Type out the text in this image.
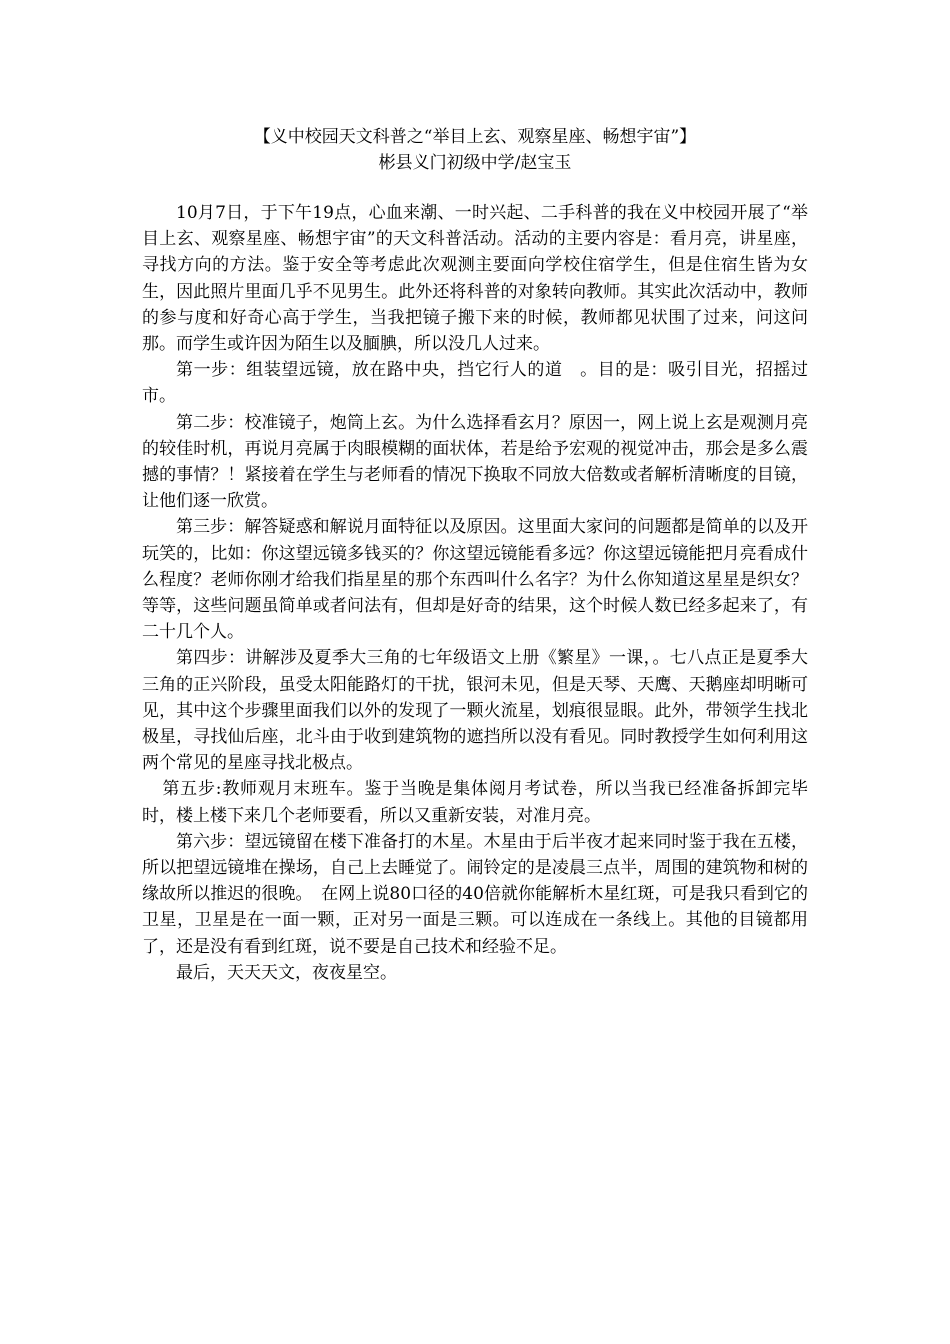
【义中校园天文科普之“举目上玄、观察星座、畅想宇宙”】
彬县义门初级中学/赵宝玉

10月7日，于下午19点，心血来潮、一时兴起、二手科普的我在义中校园开展了“举目上玄、观察星座、畅想宇宙”的天文科普活动。活动的主要内容是：看月亮，讲星座，寻找方向的方法。鉴于安全等考虑此次观测主要面向学校住宿学生，但是住宿生皆为女生，因此照片里面几乎不见男生。此外还将科普的对象转向教师。其实此次活动中，教师的参与度和好奇心高于学生，当我把镜子搬下来的时候，教师都见状围了过来，问这问那。而学生或许因为陌生以及腼腆，所以没几人过来。

第一步：组装望远镜，放在路中央，挡它行人的道　。目的是：吸引目光，招摇过市。

第二步：校准镜子，炮筒上玄。为什么选择看玄月？原因一，网上说上玄是观测月亮的较佳时机，再说月亮属于肉眼模糊的面状体，若是给予宏观的视觉冲击，那会是多么震撼的事情？！紧接着在学生与老师看的情况下换取不同放大倍数或者解析清晰度的目镜，让他们逐一欣赏。

第三步：解答疑惑和解说月面特征以及原因。这里面大家问的问题都是简单的以及开玩笑的，比如：你这望远镜多钱买的？你这望远镜能看多远？你这望远镜能把月亮看成什么程度？老师你刚才给我们指星星的那个东西叫什么名字？为什么你知道这星星是织女？等等，这些问题虽简单或者问法有，但却是好奇的结果，这个时候人数已经多起来了，有二十几个人。

第四步：讲解涉及夏季大三角的七年级语文上册《繁星》一课，。七八点正是夏季大三角的正兴阶段，虽受太阳能路灯的干扰，银河未见，但是天琴、天鹰、天鹅座却明晰可见，其中这个步骤里面我们以外的发现了一颗火流星，划痕很显眼。此外，带领学生找北极星，寻找仙后座，北斗由于收到建筑物的遮挡所以没有看见。同时教授学生如何利用这两个常见的星座寻找北极点。

第五步:教师观月末班车。鉴于当晚是集体阅月考试卷，所以当我已经准备拆卸完毕时，楼上楼下来几个老师要看，所以又重新安装，对准月亮。

第六步：望远镜留在楼下准备打的木星。木星由于后半夜才起来同时鉴于我在五楼，所以把望远镜堆在操场，自己上去睡觉了。闹铃定的是凌晨三点半，周围的建筑物和树的缘故所以推迟的很晚。　在网上说80口径的40倍就你能解析木星红斑，可是我只看到它的卫星，卫星是在一面一颗，正对另一面是三颗。可以连成在一条线上。其他的目镜都用了，还是没有看到红斑，说不要是自己技术和经验不足。

最后，天天天文，夜夜星空。
